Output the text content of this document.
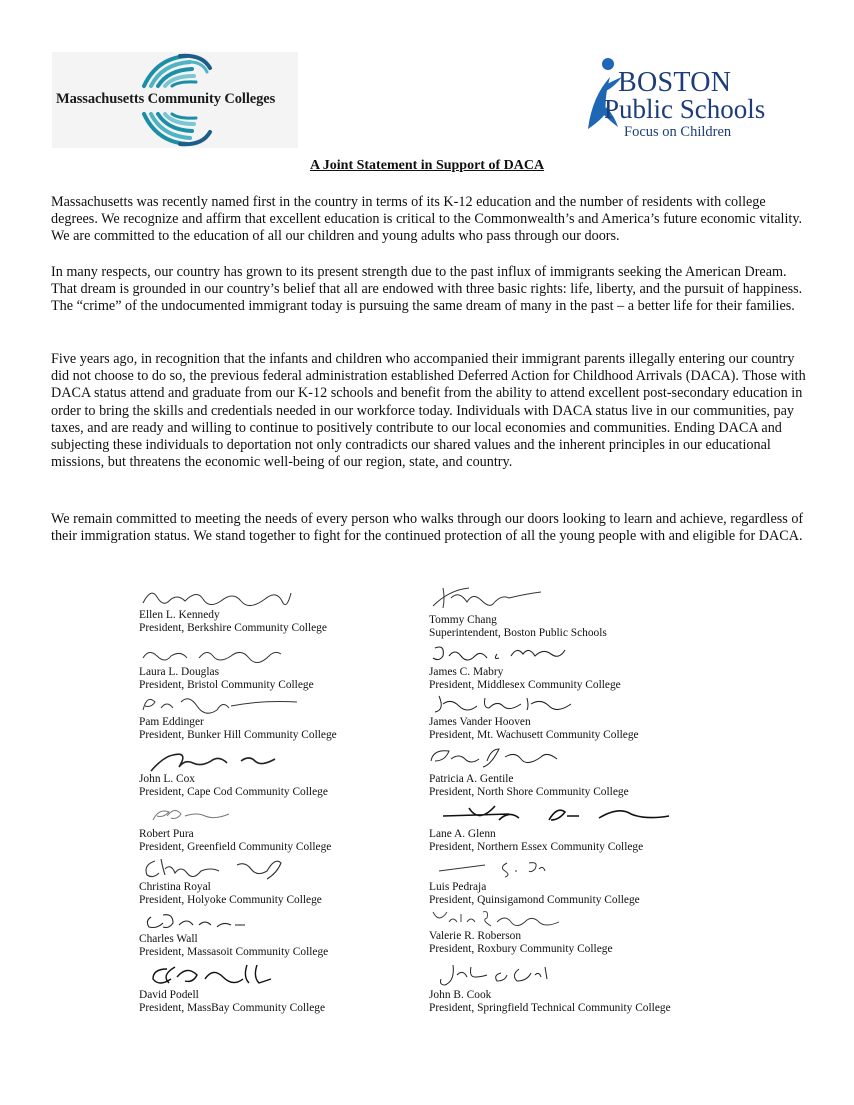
Massachusetts Community Colleges
BOSTON
Public Schools
Focus on Children
A Joint Statement in Support of DACA

Massachusetts was recently named first in the country in terms of its K-12 education and the number of residents with college degrees. We recognize and affirm that excellent education is critical to the Commonwealth’s and America’s future economic vitality. We are committed to the education of all our children and young adults who pass through our doors.

In many respects, our country has grown to its present strength due to the past influx of immigrants seeking the American Dream. That dream is grounded in our country’s belief that all are endowed with three basic rights: life, liberty, and the pursuit of happiness. The “crime” of the undocumented immigrant today is pursuing the same dream of many in the past – a better life for their families.

Five years ago, in recognition that the infants and children who accompanied their immigrant parents illegally entering our country did not choose to do so, the previous federal administration established Deferred Action for Childhood Arrivals (DACA). Those with DACA status attend and graduate from our K-12 schools and benefit from the ability to attend excellent post-secondary education in order to bring the skills and credentials needed in our workforce today. Individuals with DACA status live in our communities, pay taxes, and are ready and willing to continue to positively contribute to our local economies and communities. Ending DACA and subjecting these individuals to deportation not only contradicts our shared values and the inherent principles in our educational missions, but threatens the economic well-being of our region, state, and country.

We remain committed to meeting the needs of every person who walks through our doors looking to learn and achieve, regardless of their immigration status. We stand together to fight for the continued protection of all the young people with and eligible for DACA.

Ellen L. Kennedy
President, Berkshire Community College
Laura L. Douglas
President, Bristol Community College
Pam Eddinger
President, Bunker Hill Community College
John L. Cox
President, Cape Cod Community College
Robert Pura
President, Greenfield Community College
Christina Royal
President, Holyoke Community College
Charles Wall
President, Massasoit Community College
David Podell
President, MassBay Community College
Tommy Chang
Superintendent, Boston Public Schools
James C. Mabry
President, Middlesex Community College
James Vander Hooven
President, Mt. Wachusett Community College
Patricia A. Gentile
President, North Shore Community College
Lane A. Glenn
President, Northern Essex Community College
Luis Pedraja
President, Quinsigamond Community College
Valerie R. Roberson
President, Roxbury Community College
John B. Cook
President, Springfield Technical Community College
